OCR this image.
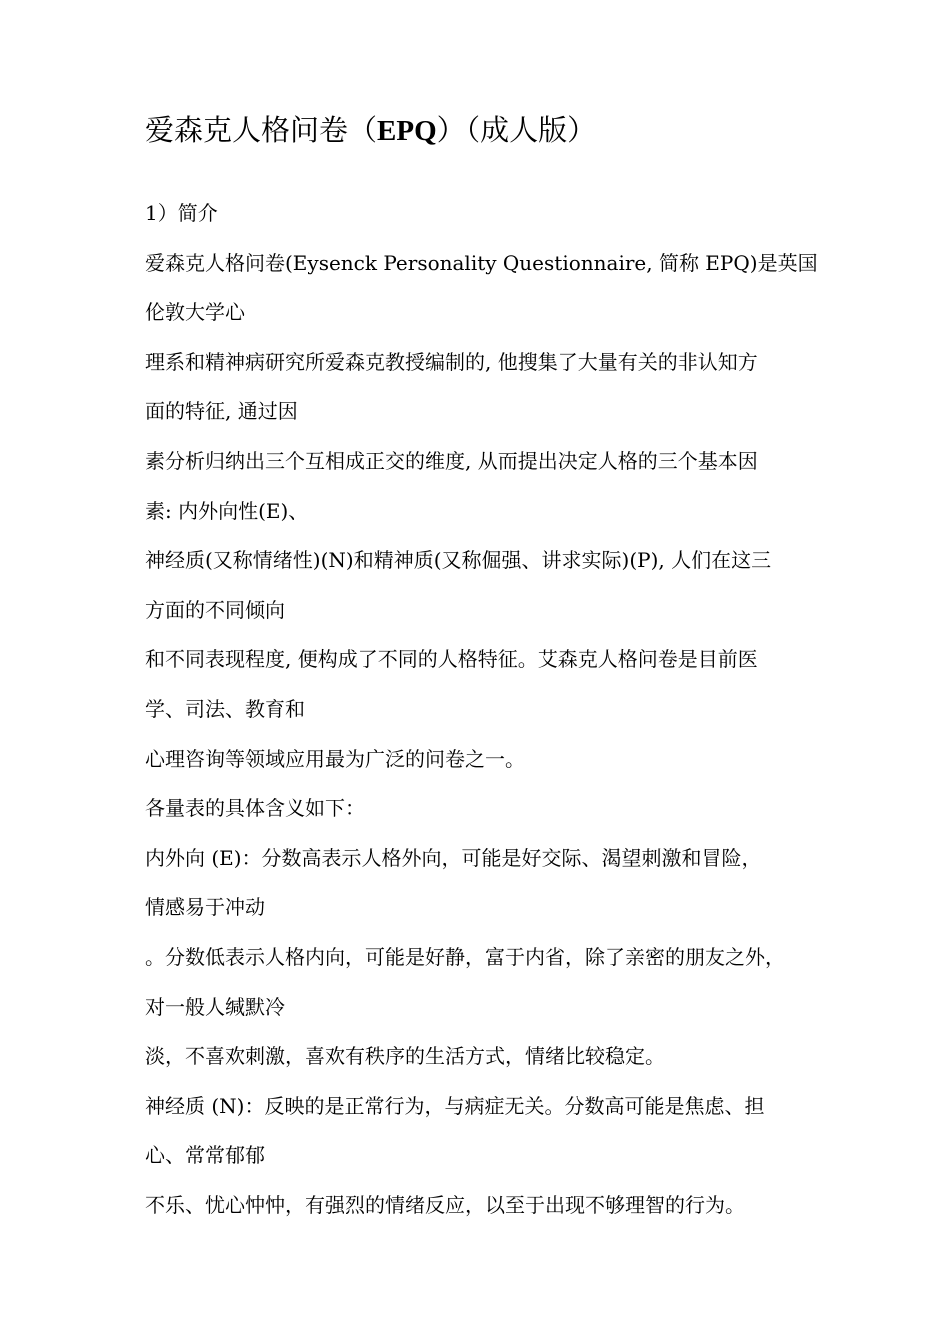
爱森克人格问卷（EPQ）（成人版）
1）简介
爱森克人格问卷(Eysenck Personality Questionnaire, 简称 EPQ)是英国
伦敦大学心
理系和精神病研究所爱森克教授编制的, 他搜集了大量有关的非认知方
面的特征, 通过因
素分析归纳出三个互相成正交的维度, 从而提出决定人格的三个基本因
素: 内外向性(E)、
神经质(又称情绪性)(N)和精神质(又称倔强、讲求实际)(P), 人们在这三
方面的不同倾向
和不同表现程度, 便构成了不同的人格特征。艾森克人格问卷是目前医
学、司法、教育和
心理咨询等领域应用最为广泛的问卷之一。
各量表的具体含义如下：
内外向 (E)：分数高表示人格外向，可能是好交际、渴望刺激和冒险，
情感易于冲动
。分数低表示人格内向，可能是好静，富于内省，除了亲密的朋友之外，
对一般人缄默冷
淡，不喜欢刺激，喜欢有秩序的生活方式，情绪比较稳定。
神经质 (N)：反映的是正常行为，与病症无关。分数高可能是焦虑、担
心、常常郁郁
不乐、忧心忡忡，有强烈的情绪反应，以至于出现不够理智的行为。
